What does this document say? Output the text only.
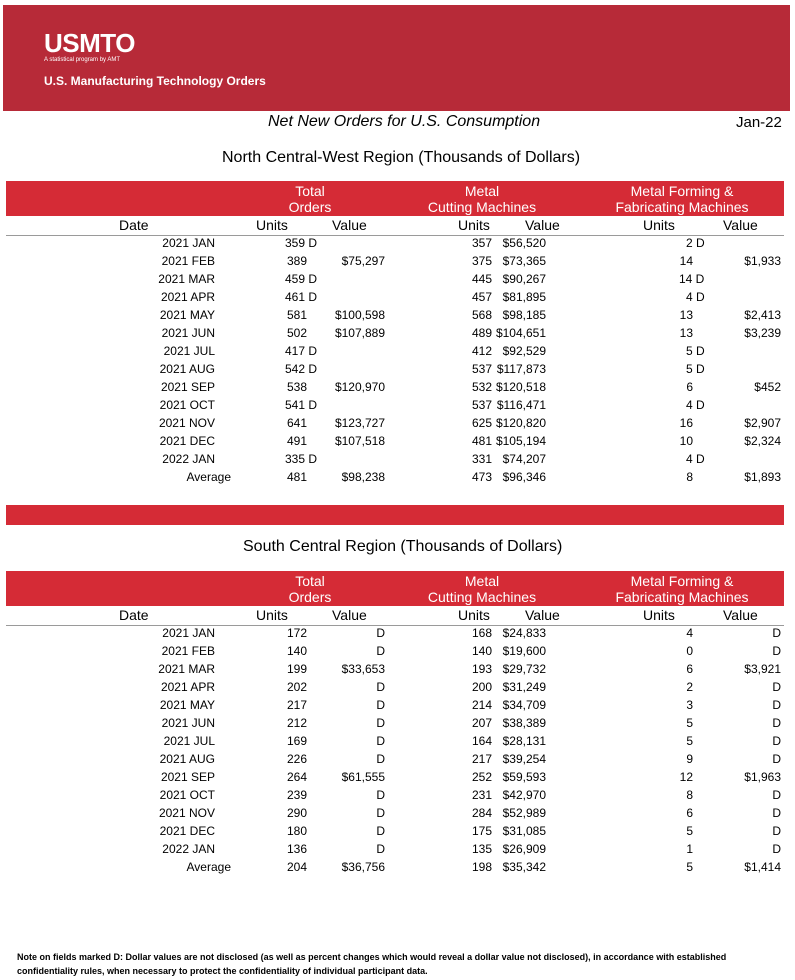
USMTO
A statistical program by AMT
U.S. Manufacturing Technology Orders
Net New Orders for U.S. Consumption	Jan-22
North Central-West Region (Thousands of Dollars)
Total
Orders
Metal
Cutting Machines
Metal Forming &
Fabricating Machines
Date	Units	Value	Units	Value	Units	Value
2021 JAN	359 D	357 $56,520	2 D
2021 FEB	389	$75,297	375 $73,365	14	$1,933
2021 MAR	459 D	445 $90,267	14 D
2021 APR	461 D	457 $81,895	4 D
2021 MAY	581 $100,598	568 $98,185	13	$2,413
2021 JUN	502 $107,889	489 $104,651	13	$3,239
2021 JUL	417 D	412 $92,529	5 D
2021 AUG	542 D	537 $117,873	5 D
2021 SEP	538 $120,970	532 $120,518	6	$452
2021 OCT	541 D	537 $116,471	4 D
2021 NOV	641 $123,727	625 $120,820	16	$2,907
2021 DEC	491 $107,518	481 $105,194	10	$2,324
2022 JAN	335 D	331 $74,207	4 D
Average	481	$98,238	473 $96,346	8	$1,893
South Central Region (Thousands of Dollars)
Total
Orders
Metal
Cutting Machines
Metal Forming &
Fabricating Machines
Date	Units	Value	Units	Value	Units	Value
2021 JAN	172	D	168 $24,833	4	D
2021 FEB	140	D	140 $19,600	0	D
2021 MAR	199	$33,653	193 $29,732	6	$3,921
2021 APR	202	D	200 $31,249	2	D
2021 MAY	217	D	214 $34,709	3	D
2021 JUN	212	D	207 $38,389	5	D
2021 JUL	169	D	164 $28,131	5	D
2021 AUG	226	D	217 $39,254	9	D
2021 SEP	264	$61,555	252 $59,593	12	$1,963
2021 OCT	239	D	231 $42,970	8	D
2021 NOV	290	D	284 $52,989	6	D
2021 DEC	180	D	175 $31,085	5	D
2022 JAN	136	D	135 $26,909	1	D
Average	204	$36,756	198 $35,342	5	$1,414
Note on fields marked D: Dollar values are not disclosed (as well as percent changes which would reveal a dollar value not disclosed), in accordance with established confidentiality rules, when necessary to protect the confidentiality of individual participant data.
